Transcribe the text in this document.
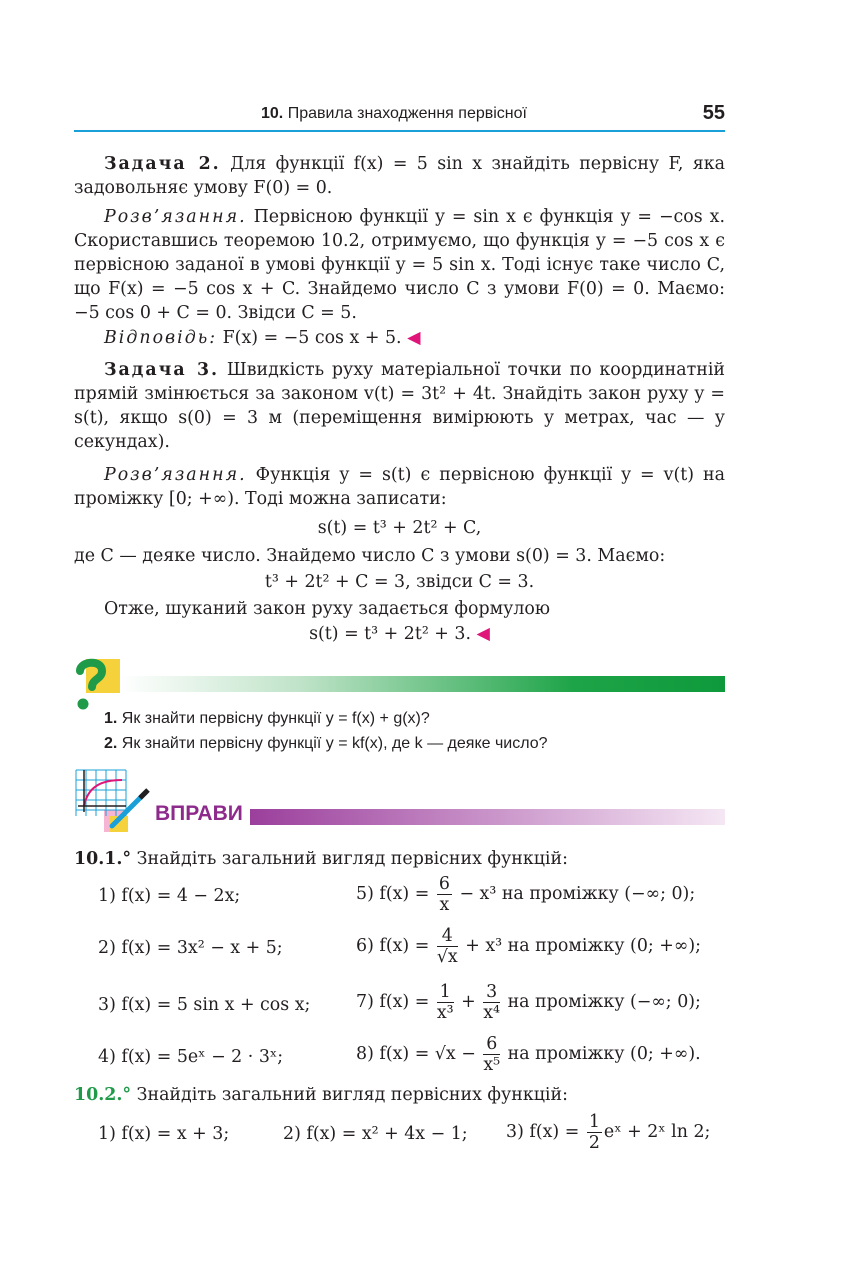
10. Правила знаходження первісної	55
Задача 2. Для функції f(x) = 5 sin x знайдіть первісну F, яка задовольняє умову F(0) = 0.
Розв’язання. Первісною функції y = sin x є функція y = −cos x. Скориставшись теоремою 10.2, отримуємо, що функція y = −5 cos x є первісною заданої в умові функції y = 5 sin x. Тоді існує таке число C, що F(x) = −5 cos x + C. Знайдемо число C з умови F(0) = 0. Маємо: −5 cos 0 + C = 0. Звідси C = 5.
Відповідь: F(x) = −5 cos x + 5. ◀
Задача 3. Швидкість руху матеріальної точки по координатній прямій змінюється за законом v(t) = 3t² + 4t. Знайдіть закон руху y = s(t), якщо s(0) = 3 м (переміщення вимірюють у метрах, час — у секундах).
Розв’язання. Функція y = s(t) є первісною функції y = v(t) на проміжку [0; +∞). Тоді можна записати:
s(t) = t³ + 2t² + C,
де C — деяке число. Знайдемо число C з умови s(0) = 3. Маємо:
t³ + 2t² + C = 3, звідси C = 3.
Отже, шуканий закон руху задається формулою
s(t) = t³ + 2t² + 3. ◀
1. Як знайти первісну функції y = f(x) + g(x)?
2. Як знайти первісну функції y = kf(x), де k — деяке число?
ВПРАВИ
10.1.° Знайдіть загальний вигляд первісних функцій:
1) f(x) = 4 − 2x;
2) f(x) = 3x² − x + 5;
3) f(x) = 5 sin x + cos x;
4) f(x) = 5eˣ − 2 · 3ˣ;
5) $f(x) = \frac{6}{x} - x^3$ на проміжку (−∞; 0);
6) $f(x) = \frac{4}{√x} + x^3$ на проміжку (0; +∞);
7) $f(x) = \frac{1}{\text{x³}} + \frac{3}{\text{x⁴}}$ на проміжку (−∞; 0);
8) $f(x) = √x - \frac{6}{\text{x⁵}}$ на проміжку (0; +∞).
10.2.° Знайдіть загальний вигляд первісних функцій:
1) f(x) = x + 3;	2) f(x) = x² + 4x − 1; 3) $f(x) = \frac{1}{2}$ eˣ + 2ˣ ln 2;
